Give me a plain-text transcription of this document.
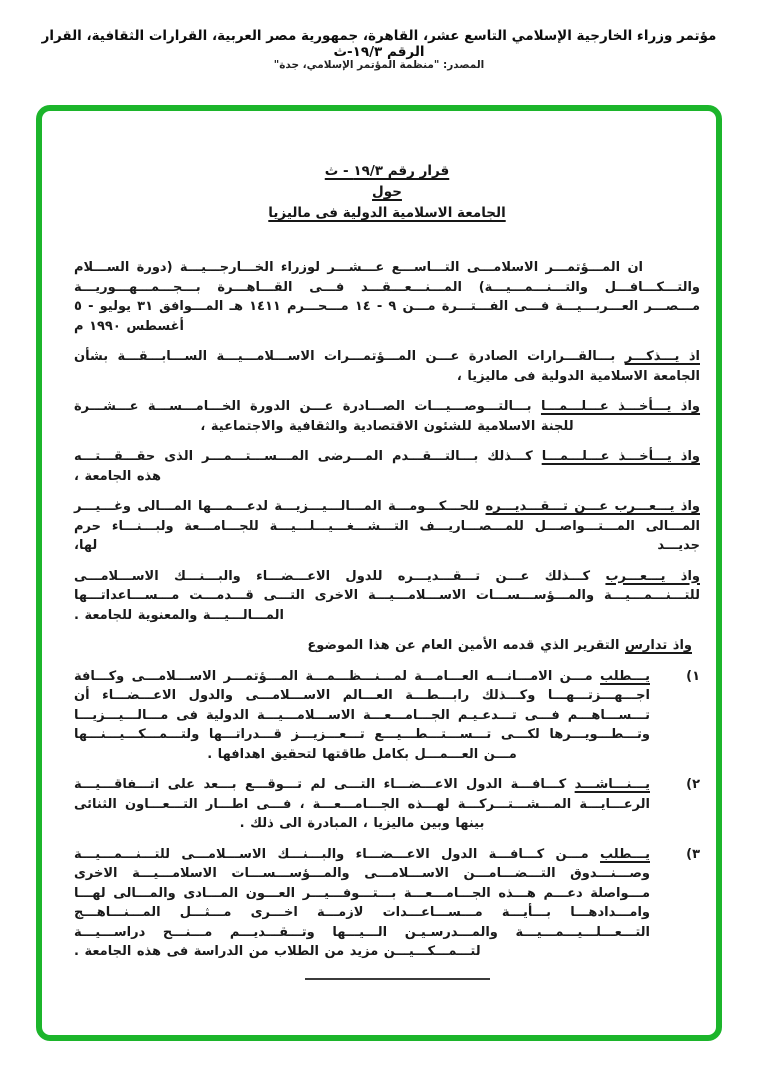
مؤتمر وزراء الخارجية الإسلامي التاسع عشر، القاهرة، جمهورية مصر العربية، القرارات الثقافية، القرار الرقم ١٩/٣-ث
المصدر: "منظمة المؤتمر الإسلامي، جدة"
قرار رقم ١٩/٣ - ث
حول
الجامعة الاسلامية الدولية فى ماليزيا

ان المـــؤتمـــر الاسلامـــى التـــاســـع عـــشـــر لوزراء الخـــارجـــيـــة (دورة الســـلام والتـــكـــافـــل والتـــنـــمـــيـــة) المـــنـــعـــقـــد فـــى القـــاهـــرة بـــجـــمـــهـــوريـــة مـــصـــر العـــربـــيـــة فـــى الفـــتـــرة مـــن ٩ - ١٤ مـــحـــرم ١٤١١ هـ المـــوافق ٣١ يوليو - ٥ أغسطس ١٩٩٠ م

اذ يـــذكـــر بـــالقـــرارات الصادرة عـــن المـــؤتمـــرات الاســـلامـــيـــة الســـابـــقـــة بشأن الجامعة الاسلامية الدولية فى ماليزيا ،

واذ يـــأخـــذ عـــلـــمـــا بـــالتـــوصـــيـــات الصـــادرة عـــن الدورة الخـــامـــســـة عـــشـــرة للجنة الاسلامية للشئون الاقتصادية والثقافية والاجتماعية ،

واذ يـــأخـــذ عـــلـــمـــا كـــذلك بـــالتـــقـــدم المـــرضى المـــســـتـــمـــر الذى حقـــقـــتـــه هذه الجامعة ،

واذ يـــعـــرب عـــن تـــقـــديـــره للحـــكـــومـــة المـــالـــيـــزيـــة لدعـــمـــها المـــالى وغـــيـــر المـــالى المـــتـــواصـــل للمـــصـــاريـــف التـــشـــغـــيـــلـــيـــة للجـــامـــعة ولبـــنـــاء حرم جديـــد لها،

واذ يـــعـــرب كـــذلك عـــن تـــقـــديـــره للدول الاعـــضـــاء والبـــنـــك الاســـلامـــى للتـــنـــمـــيـــة والمـــؤســـســـات الاســـلامـــيـــة الاخرى التـــى قـــدمـــت مـــســـاعداتـــها المـــالـــيـــة والمعنوية للجامعة .

واذ تدارس التقرير الذي قدمه الأمين العام عن هذا الموضوع

١)

يـــطلب مـــن الامـــانـــه العـــامـــة لمـــنـــظـــمـــة المـــؤتمـــر الاســـلامـــى وكـــافة اجـــهـــزتـــهـــا وكـــذلك رابـــطـــة العـــالم الاســـلامـــى والدول الاعـــضـــاء أن تـــســـاهـــم فـــى تـــدعـيـم الجـــامـــعـــة الاســـلامـــيـــة الدولية فى مـــالـــيـــزيـــا وتـــطـــويـــرها لكـــى تـــســـتـــطـــيـــع تـــعـــزيـــز قـــدراتـــها ولتـــمـــكـــيـــنـــها مـــن العـــمـــل بكامل طاقتها لتحقيق اهدافها .

٢)

يـــنـــاشـــد كـــافـــة الدول الاعـــضـــاء التـــى لم تـــوقـــع بـــعد على اتـــفاقـــيـــة الرعـــايـــة المـــشـــتـــركـــة لهـــذه الجـــامـــعـــة ، فـــى اطـــار التـــعـــاون الثنائى بينها وبين ماليزيا ، المبادرة الى ذلك .

٣)

يـــطلب مـــن كـــافـــة الدول الاعـــضـــاء والبـــنـــك الاســـلامـــى للتـــنـــمـــيـــة وصـــنـــدوق التـــضـــامـــن الاســـلامـــى والمـــؤســـســـات الاسلامـــيـــة الاخرى مـــواصلة دعـــم هـــذه الجـــامـــعـــة بـــتـــوفـــيـــر العـــون المـــادى والمـــالى لهـــا وامـــدادهـــا بـــأيـــة مـــســـاعـــدات لازمـــة اخـــرى مـــثـــل المـــنـــاهـــج التـــعـــلـــيـــمـــيـــة والمـــدرسـيـن الـــيـــها وتـــقـــديـــم مـــنـــح دراســـيـــة لتـــمـــكـــيـــن مزيد من الطلاب من الدراسة فى هذه الجامعة .
